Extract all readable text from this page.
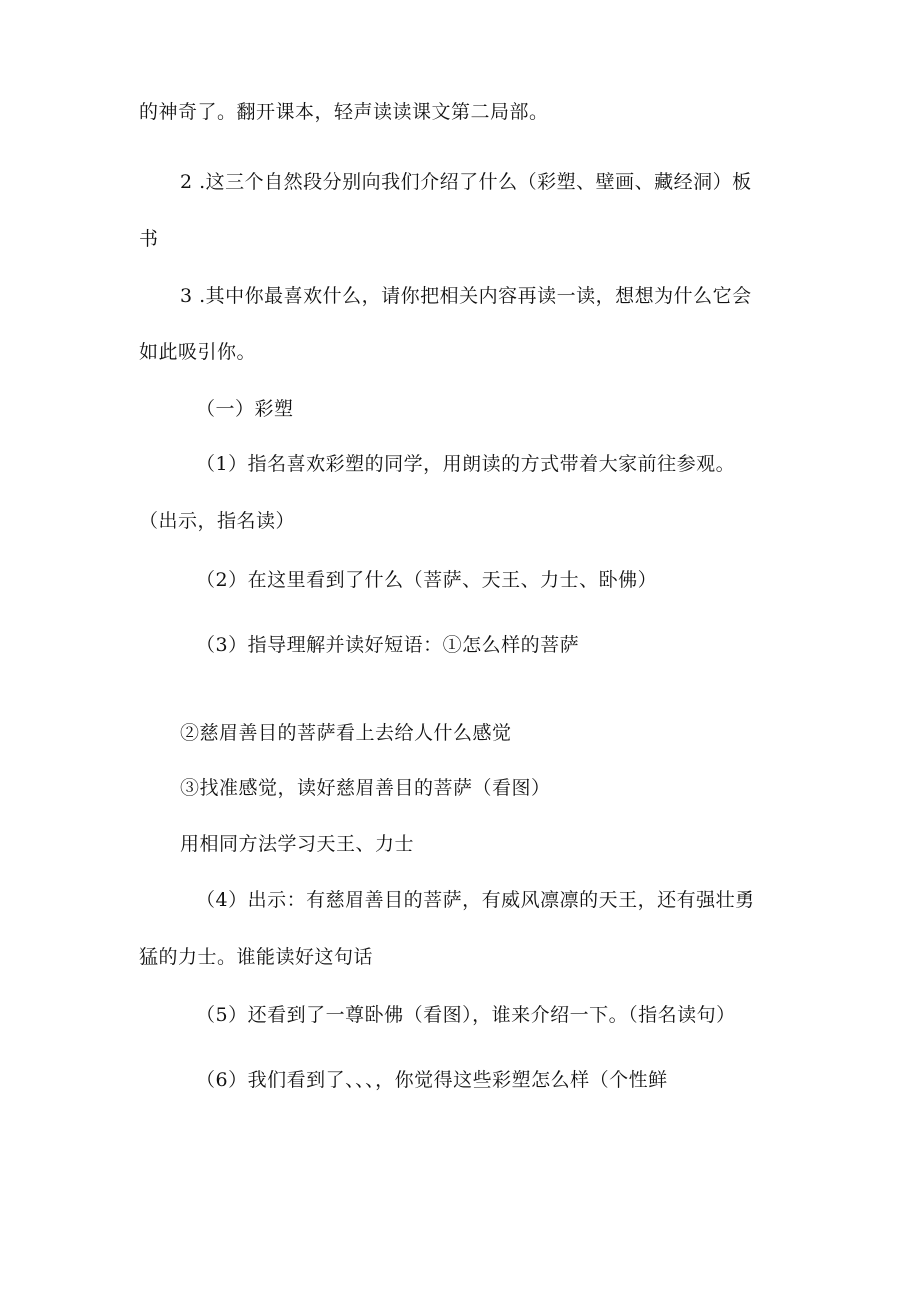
的神奇了。翻开课本，轻声读读课文第二局部。
2 .这三个自然段分别向我们介绍了什么（彩塑、壁画、藏经洞）板
书
3 .其中你最喜欢什么，请你把相关内容再读一读，想想为什么它会
如此吸引你。
（一）彩塑
（1）指名喜欢彩塑的同学，用朗读的方式带着大家前往参观。
（出示，指名读）
（2）在这里看到了什么（菩萨、天王、力士、卧佛）
（3）指导理解并读好短语：①怎么样的菩萨
②慈眉善目的菩萨看上去给人什么感觉
③找准感觉，读好慈眉善目的菩萨（看图）
用相同方法学习天王、力士
（4）出示：有慈眉善目的菩萨，有威风凛凛的天王，还有强壮勇
猛的力士。谁能读好这句话
（5）还看到了一尊卧佛（看图），谁来介绍一下。（指名读句）
（6）我们看到了、、、，你觉得这些彩塑怎么样（个性鲜
